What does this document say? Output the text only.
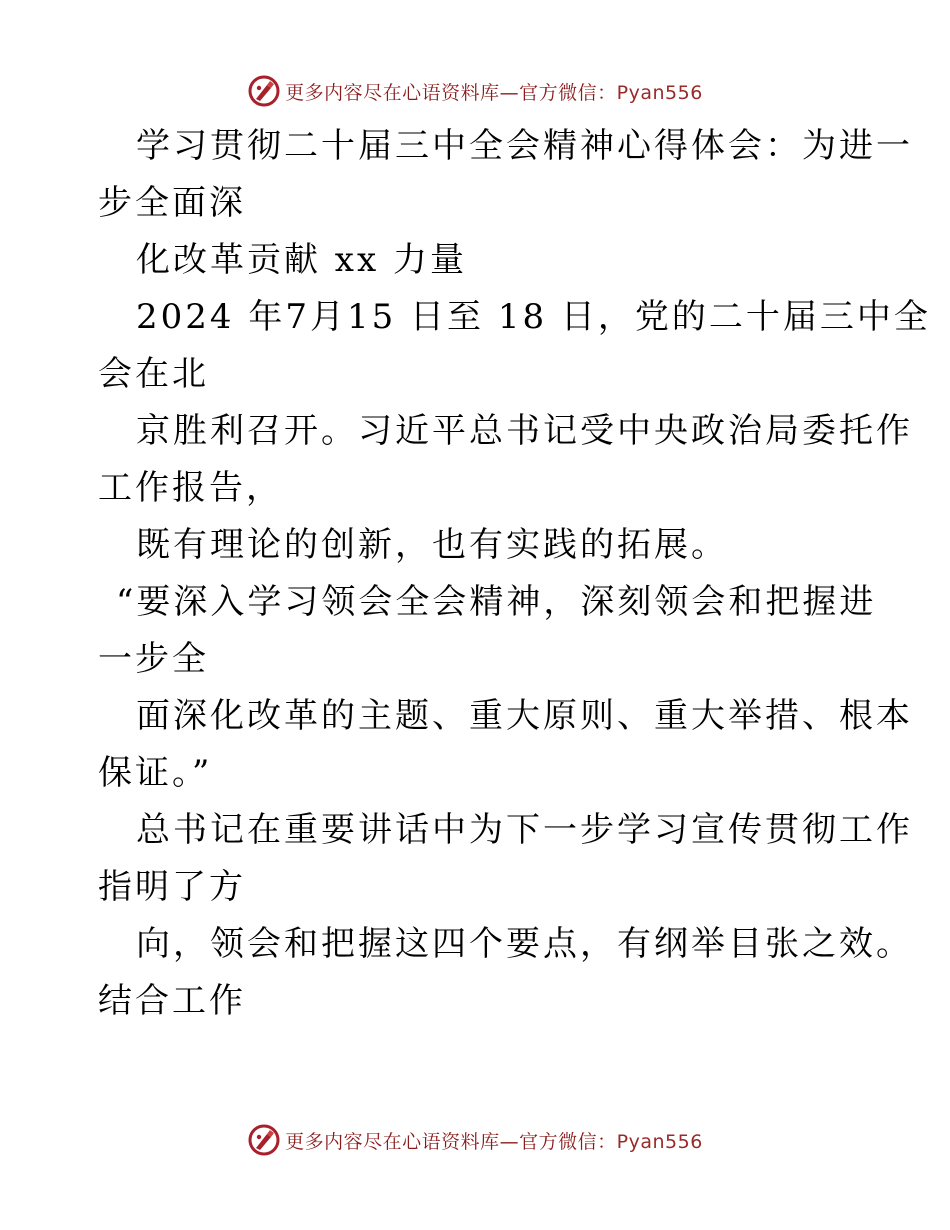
更多内容尽在心语资料库—官方微信：Pyan556
学习贯彻二十届三中全会精神心得体会：为进一
步全面深
化改革贡献 xx 力量
2024 年7月15 日至 18 日，党的二十届三中全
会在北
京胜利召开。习近平总书记受中央政治局委托作
工作报告，
既有理论的创新，也有实践的拓展。
“要深入学习领会全会精神，深刻领会和把握进
一步全
面深化改革的主题、重大原则、重大举措、根本
保证。”
总书记在重要讲话中为下一步学习宣传贯彻工作
指明了方
向，领会和把握这四个要点，有纲举目张之效。
结合工作
更多内容尽在心语资料库—官方微信：Pyan556
